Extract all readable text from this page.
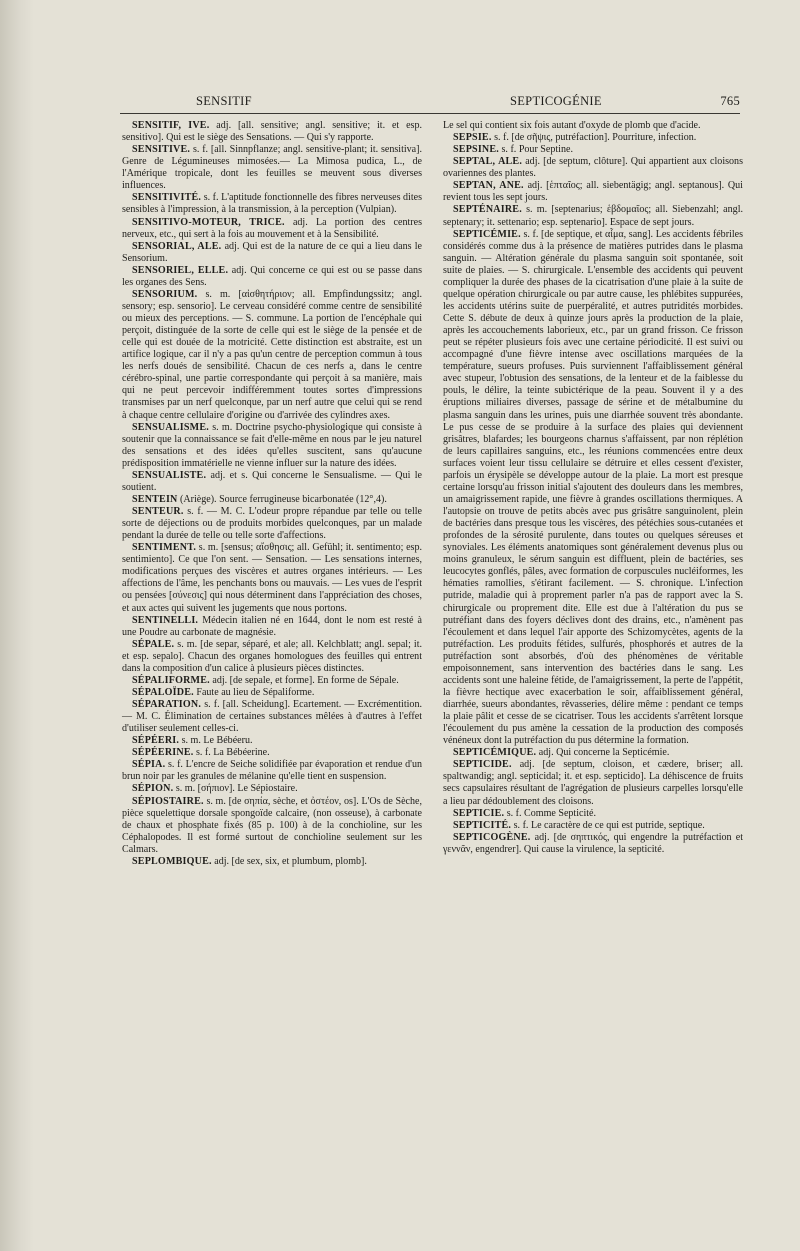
SENSITIF	SEPTICOGÉNIE	765

SENSITIF, IVE. adj. [all. sensitive; angl. sensitive; it. et esp. sensitivo]. Qui est le siège des Sensations. — Qui s'y rapporte.

SENSITIVE. s. f. [all. Sinnpflanze; angl. sensitive-plant; it. sensitiva]. Genre de Légumineuses mimosées.— La Mimosa pudica, L., de l'Amérique tropicale, dont les feuilles se meuvent sous diverses influences.

SENSITIVITÉ. s. f. L'aptitude fonctionnelle des fibres nerveuses dites sensibles à l'impression, à la transmission, à la perception (Vulpian).

SENSITIVO-MOTEUR, TRICE. adj. La portion des centres nerveux, etc., qui sert à la fois au mouvement et à la Sensibilité.

SENSORIAL, ALE. adj. Qui est de la nature de ce qui a lieu dans le Sensorium.

SENSORIEL, ELLE. adj. Qui concerne ce qui est ou se passe dans les organes des Sens.

SENSORIUM. s. m. [αἰσθητήριον; all. Empfindungssitz; angl. sensory; esp. sensorio]. Le cerveau considéré comme centre de sensibilité ou mieux des perceptions. — S. commune. La portion de l'encéphale qui perçoit, distinguée de la sorte de celle qui est le siège de la pensée et de celle qui est douée de la motricité. Cette distinction est abstraite, est un artifice logique, car il n'y a pas qu'un centre de perception commun à tous les nerfs doués de sensibilité. Chacun de ces nerfs a, dans le centre cérébro-spinal, une partie correspondante qui perçoit à sa manière, mais qui ne peut percevoir indifféremment toutes sortes d'impressions transmises par un nerf quelconque, par un nerf autre que celui qui se rend à chaque centre cellulaire d'origine ou d'arrivée des cylindres axes.

SENSUALISME. s. m. Doctrine psycho-physiologique qui consiste à soutenir que la connaissance se fait d'elle-même en nous par le jeu naturel des sensations et des idées qu'elles suscitent, sans qu'aucune prédisposition immatérielle ne vienne influer sur la nature des idées.

SENSUALISTE. adj. et s. Qui concerne le Sensualisme. — Qui le soutient.

SENTEIN (Ariège). Source ferrugineuse bicarbonatée (12°,4).

SENTEUR. s. f. — M. C. L'odeur propre répandue par telle ou telle sorte de déjections ou de produits morbides quelconques, par un malade pendant la durée de telle ou telle sorte d'affections.

SENTIMENT. s. m. [sensus; αἴσθησις; all. Gefühl; it. sentimento; esp. sentimiento]. Ce que l'on sent. — Sensation. — Les sensations internes, modifications perçues des viscères et autres organes intérieurs. — Les affections de l'âme, les penchants bons ou mauvais. — Les vues de l'esprit ou pensées [σύνεσις] qui nous déterminent dans l'appréciation des choses, et aux actes qui suivent les jugements que nous portons.

SENTINELLI. Médecin italien né en 1644, dont le nom est resté à une Poudre au carbonate de magnésie.

SÉPALE. s. m. [de separ, séparé, et ale; all. Kelchblatt; angl. sepal; it. et esp. sepalo]. Chacun des organes homologues des feuilles qui entrent dans la composition d'un calice à plusieurs pièces distinctes.

SÉPALIFORME. adj. [de sepale, et forme]. En forme de Sépale.

SÉPALOÏDE. Faute au lieu de Sépaliforme.

SÉPARATION. s. f. [all. Scheidung]. Ecartement. — Excrémentition. — M. C. Élimination de certaines substances mêlées à d'autres à l'effet d'utiliser seulement celles-ci.

SÉPÉERI. s. m. Le Bébéeru.

SÉPÉERINE. s. f. La Bébéerine.

SÉPIA. s. f. L'encre de Seiche solidifiée par évaporation et rendue d'un brun noir par les granules de mélanine qu'elle tient en suspension.

SÉPION. s. m. [σήπιον]. Le Sépiostaire.

SÉPIOSTAIRE. s. m. [de σηπία, sèche, et ὀστέον, os]. L'Os de Sèche, pièce squelettique dorsale spongoïde calcaire, (non osseuse), à carbonate de chaux et phosphate fixés (85 p. 100) à de la conchioline, sur les Céphalopodes. Il est formé surtout de conchioline seulement sur les Calmars.

SEPLOMBIQUE. adj. [de sex, six, et plumbum, plomb].

Le sel qui contient six fois autant d'oxyde de plomb que d'acide.

SEPSIE. s. f. [de σῆψις, putréfaction]. Pourriture, infection.

SEPSINE. s. f. Pour Septine.

SEPTAL, ALE. adj. [de septum, clôture]. Qui appartient aux cloisons ovariennes des plantes.

SEPTAN, ANE. adj. [ἑπταῖος; all. siebentägig; angl. septanous]. Qui revient tous les sept jours.

SEPTÉNAIRE. s. m. [septenarius; ἑβδομαῖος; all. Siebenzahl; angl. septenary; it. settenario; esp. septenario]. Espace de sept jours.

SEPTICÉMIE. s. f. [de septique, et αἷμα, sang]. Les accidents fébriles considérés comme dus à la présence de matières putrides dans le plasma sanguin. — Altération générale du plasma sanguin soit spontanée, soit suite de plaies. — S. chirurgicale. L'ensemble des accidents qui peuvent compliquer la durée des phases de la cicatrisation d'une plaie à la suite de quelque opération chirurgicale ou par autre cause, les phlébites suppurées, les accidents utérins suite de puerpéralité, et autres putridités morbides. Cette S. débute de deux à quinze jours après la production de la plaie, après les accouchements laborieux, etc., par un grand frisson. Ce frisson peut se répéter plusieurs fois avec une certaine périodicité. Il est suivi ou accompagné d'une fièvre intense avec oscillations marquées de la température, sueurs profuses. Puis surviennent l'affaiblissement général avec stupeur, l'obtusion des sensations, de la lenteur et de la faiblesse du pouls, le délire, la teinte subictérique de la peau. Souvent il y a des éruptions miliaires diverses, passage de sérine et de métalbumine du plasma sanguin dans les urines, puis une diarrhée souvent très abondante. Le pus cesse de se produire à la surface des plaies qui deviennent grisâtres, blafardes; les bourgeons charnus s'affaissent, par non réplétion de leurs capillaires sanguins, etc., les réunions commencées entre deux surfaces voient leur tissu cellulaire se détruire et elles cessent d'exister, parfois un érysipèle se développe autour de la plaie. La mort est presque certaine lorsqu'au frisson initial s'ajoutent des douleurs dans les membres, un amaigrissement rapide, une fièvre à grandes oscillations thermiques. A l'autopsie on trouve de petits abcès avec pus grisâtre sanguinolent, plein de bactéries dans presque tous les viscères, des pétéchies sous-cutanées et profondes de la sérosité purulente, dans toutes ou quelques séreuses et synoviales. Les éléments anatomiques sont généralement devenus plus ou moins granuleux, le sérum sanguin est diffluent, plein de bactéries, ses leucocytes gonflés, pâles, avec formation de corpuscules nucléiformes, les hématies ramollies, s'étirant facilement. — S. chronique. L'infection putride, maladie qui à proprement parler n'a pas de rapport avec la S. chirurgicale ou proprement dite. Elle est due à l'altération du pus se putréfiant dans des foyers déclives dont des drains, etc., n'amènent pas l'écoulement et dans lequel l'air apporte des Schizomycètes, agents de la putréfaction. Les produits fétides, sulfurés, phosphorés et autres de la putréfaction sont absorbés, d'où des phénomènes de véritable empoisonnement, sans intervention des bactéries dans le sang. Les accidents sont une haleine fétide, de l'amaigrissement, la perte de l'appétit, la fièvre hectique avec exacerbation le soir, affaiblissement général, diarrhée, sueurs abondantes, rêvasseries, délire même : pendant ce temps la plaie pâlit et cesse de se cicatriser. Tous les accidents s'arrêtent lorsque l'écoulement du pus amène la cessation de la production des composés vénéneux dont la putréfaction du pus détermine la formation.

SEPTICÉMIQUE. adj. Qui concerne la Septicémie.

SEPTICIDE. adj. [de septum, cloison, et cædere, briser; all. spaltwandig; angl. septicidal; it. et esp. septicido]. La déhiscence de fruits secs capsulaires résultant de l'agrégation de plusieurs carpelles lorsqu'elle a lieu par dédoublement des cloisons.

SEPTICIE. s. f. Comme Septicité.

SEPTICITÉ. s. f. Le caractère de ce qui est putride, septique.

SEPTICOGÈNE. adj. [de σηπτικός, qui engendre la putréfaction et γεννᾶν, engendrer]. Qui cause la virulence, la septicité.
